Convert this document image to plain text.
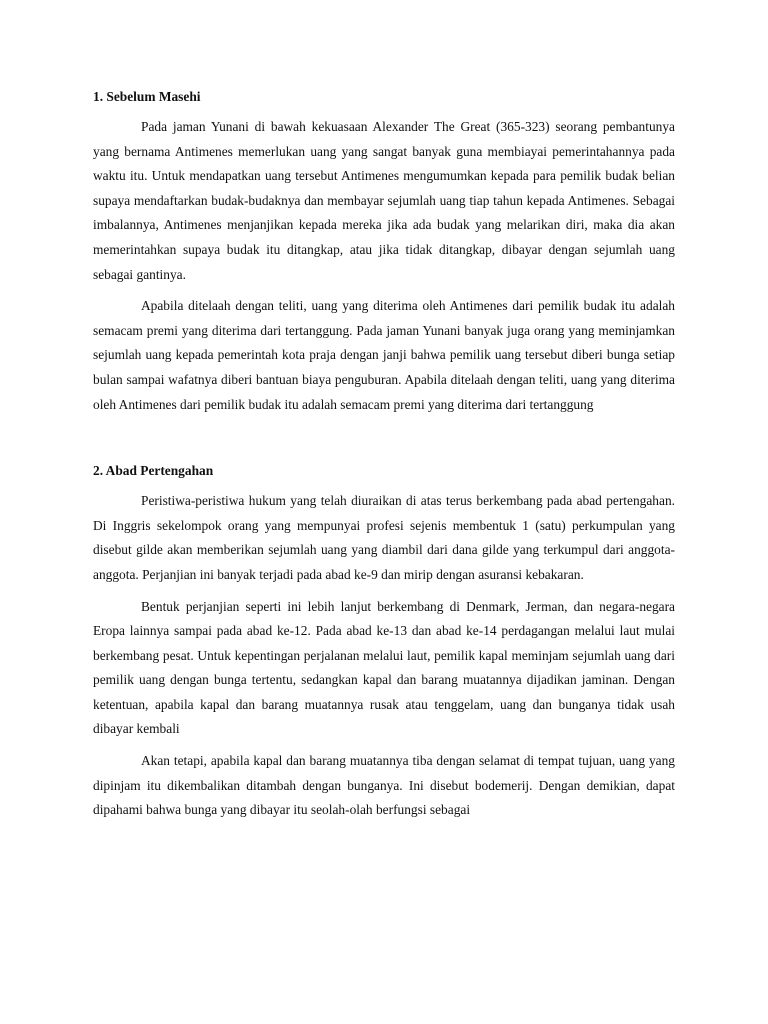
1. Sebelum Masehi

Pada jaman Yunani di bawah kekuasaan Alexander The Great (365-323) seorang pembantunya yang bernama Antimenes memerlukan uang yang sangat banyak guna membiayai pemerintahannya pada waktu itu. Untuk mendapatkan uang tersebut Antimenes mengumumkan kepada para pemilik budak belian supaya mendaftarkan budak-budaknya dan membayar sejumlah uang tiap tahun kepada Antimenes. Sebagai imbalannya, Antimenes menjanjikan kepada mereka jika ada budak yang melarikan diri, maka dia akan memerintahkan supaya budak itu ditangkap, atau jika tidak ditangkap, dibayar dengan sejumlah uang sebagai gantinya.

Apabila ditelaah dengan teliti, uang yang diterima oleh Antimenes dari pemilik budak itu adalah semacam premi yang diterima dari tertanggung. Pada jaman Yunani banyak juga orang yang meminjamkan sejumlah uang kepada pemerintah kota praja dengan janji bahwa pemilik uang tersebut diberi bunga setiap bulan sampai wafatnya diberi bantuan biaya penguburan. Apabila ditelaah dengan teliti, uang yang diterima oleh Antimenes dari pemilik budak itu adalah semacam premi yang diterima dari tertanggung

2. Abad Pertengahan

Peristiwa-peristiwa hukum yang telah diuraikan di atas terus berkembang pada abad pertengahan. Di Inggris sekelompok orang yang mempunyai profesi sejenis membentuk 1 (satu) perkumpulan yang disebut gilde akan memberikan sejumlah uang yang diambil dari dana gilde yang terkumpul dari anggota-anggota. Perjanjian ini banyak terjadi pada abad ke-9 dan mirip dengan asuransi kebakaran.

Bentuk perjanjian seperti ini lebih lanjut berkembang di Denmark, Jerman, dan negara-negara Eropa lainnya sampai pada abad ke-12. Pada abad ke-13 dan abad ke-14 perdagangan melalui laut mulai berkembang pesat. Untuk kepentingan perjalanan melalui laut, pemilik kapal meminjam sejumlah uang dari pemilik uang dengan bunga tertentu, sedangkan kapal dan barang muatannya dijadikan jaminan. Dengan ketentuan, apabila kapal dan barang muatannya rusak atau tenggelam, uang dan bunganya tidak usah dibayar kembali

Akan tetapi, apabila kapal dan barang muatannya tiba dengan selamat di tempat tujuan, uang yang dipinjam itu dikembalikan ditambah dengan bunganya. Ini disebut bodemerij. Dengan demikian, dapat dipahami bahwa bunga yang dibayar itu seolah-olah berfungsi sebagai
